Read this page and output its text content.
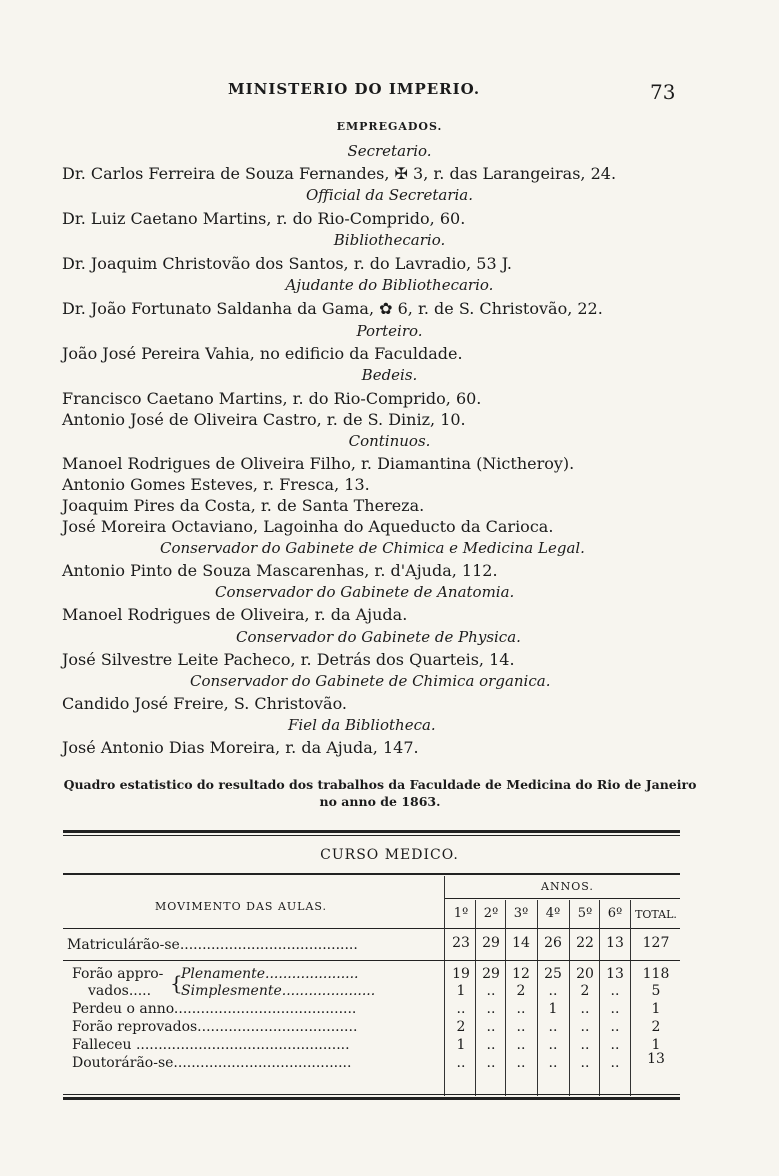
MINISTERIO DO IMPERIO.	73
EMPREGADOS.
Secretario.
Dr. Carlos Ferreira de Souza Fernandes, ✠ 3, r. das Larangeiras, 24.
Official da Secretaria.
Dr. Luiz Caetano Martins, r. do Rio-Comprido, 60.
Bibliothecario.
Dr. Joaquim Christovão dos Santos, r. do Lavradio, 53 J.
Ajudante do Bibliothecario.
Dr. João Fortunato Saldanha da Gama, ✿ 6, r. de S. Christovão, 22.
Porteiro.
João José Pereira Vahia, no edificio da Faculdade.
Bedeis.
Francisco Caetano Martins, r. do Rio-Comprido, 60.
Antonio José de Oliveira Castro, r. de S. Diniz, 10.
Continuos.
Manoel Rodrigues de Oliveira Filho, r. Diamantina (Nictheroy).
Antonio Gomes Esteves, r. Fresca, 13.
Joaquim Pires da Costa, r. de Santa Thereza.
José Moreira Octaviano, Lagoinha do Aqueducto da Carioca.
Conservador do Gabinete de Chimica e Medicina Legal.
Antonio Pinto de Souza Mascarenhas, r. d'Ajuda, 112.
Conservador do Gabinete de Anatomia.
Manoel Rodrigues de Oliveira, r. da Ajuda.
Conservador do Gabinete de Physica.
José Silvestre Leite Pacheco, r. Detrás dos Quarteis, 14.
Conservador do Gabinete de Chimica organica.
Candido José Freire, S. Christovão.
Fiel da Bibliotheca.
José Antonio Dias Moreira, r. da Ajuda, 147.
Quadro estatistico do resultado dos trabalhos da Faculdade de Medicina do Rio de Janeiro no anno de 1863.
CURSO MEDICO.
MOVIMENTO DAS AULAS.
ANNOS.
1º	2º	3º	4º	5º	6º	TOTAL.
Matriculárão-se........................................	23 29 14	26	22 13	127
Forão appro-
vados..... {
Plenamente.....................	19 29 12	25	20 13	118
Simplesmente.....................	1	..	2	..	2	..	5
Perdeu o anno.........................................	..	..	..	1	..	..	1
Forão reprovados....................................	2	..	..	..	..	..	2
Falleceu ................................................	1	..	..	..	..	..	1
Doutorárão-se........................................	..	..	..	..	..	..	13
